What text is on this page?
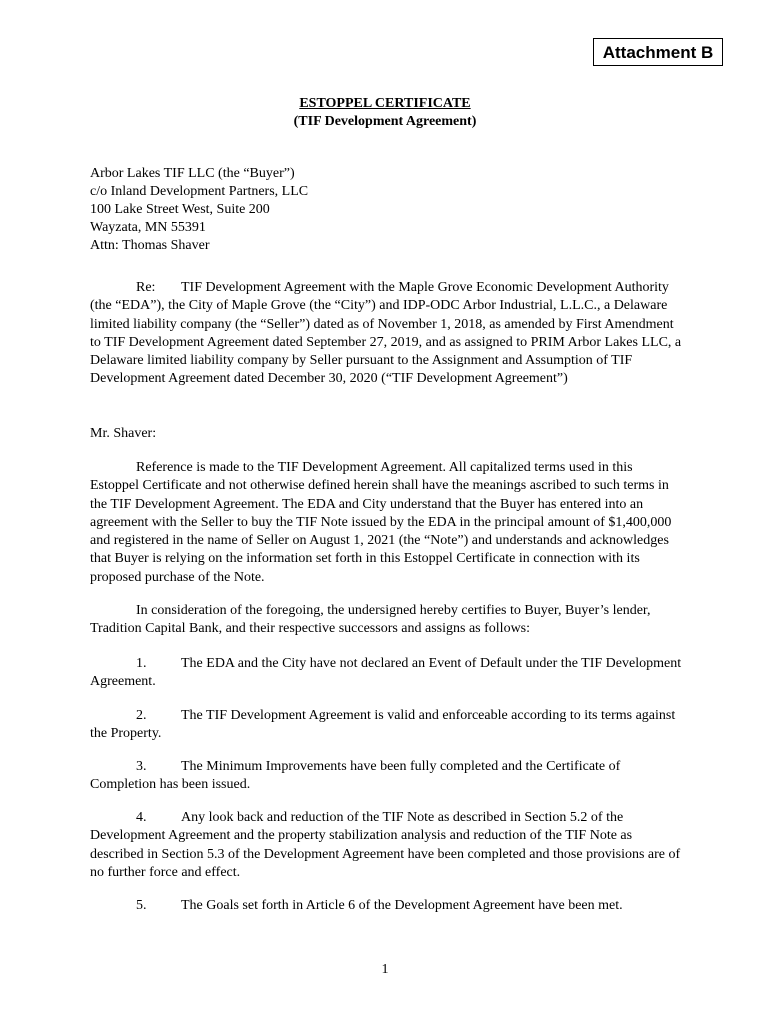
Attachment B
ESTOPPEL CERTIFICATE
(TIF Development Agreement)
Arbor Lakes TIF LLC (the “Buyer”)
c/o Inland Development Partners, LLC
100 Lake Street West, Suite 200
Wayzata, MN 55391
Attn: Thomas Shaver
Re: TIF Development Agreement with the Maple Grove Economic Development Authority (the “EDA”), the City of Maple Grove (the “City”) and IDP-ODC Arbor Industrial, L.L.C., a Delaware limited liability company (the “Seller”) dated as of November 1, 2018, as amended by First Amendment to TIF Development Agreement dated September 27, 2019, and as assigned to PRIM Arbor Lakes LLC, a Delaware limited liability company by Seller pursuant to the Assignment and Assumption of TIF Development Agreement dated December 30, 2020 (“TIF Development Agreement”)
Mr. Shaver:
Reference is made to the TIF Development Agreement. All capitalized terms used in this Estoppel Certificate and not otherwise defined herein shall have the meanings ascribed to such terms in the TIF Development Agreement. The EDA and City understand that the Buyer has entered into an agreement with the Seller to buy the TIF Note issued by the EDA in the principal amount of $1,400,000 and registered in the name of Seller on August 1, 2021 (the “Note”) and understands and acknowledges that Buyer is relying on the information set forth in this Estoppel Certificate in connection with its proposed purchase of the Note.
In consideration of the foregoing, the undersigned hereby certifies to Buyer, Buyer’s lender, Tradition Capital Bank, and their respective successors and assigns as follows:
1. The EDA and the City have not declared an Event of Default under the TIF Development Agreement.
2. The TIF Development Agreement is valid and enforceable according to its terms against the Property.
3. The Minimum Improvements have been fully completed and the Certificate of Completion has been issued.
4. Any look back and reduction of the TIF Note as described in Section 5.2 of the Development Agreement and the property stabilization analysis and reduction of the TIF Note as described in Section 5.3 of the Development Agreement have been completed and those provisions are of no further force and effect.
5. The Goals set forth in Article 6 of the Development Agreement have been met.
1
